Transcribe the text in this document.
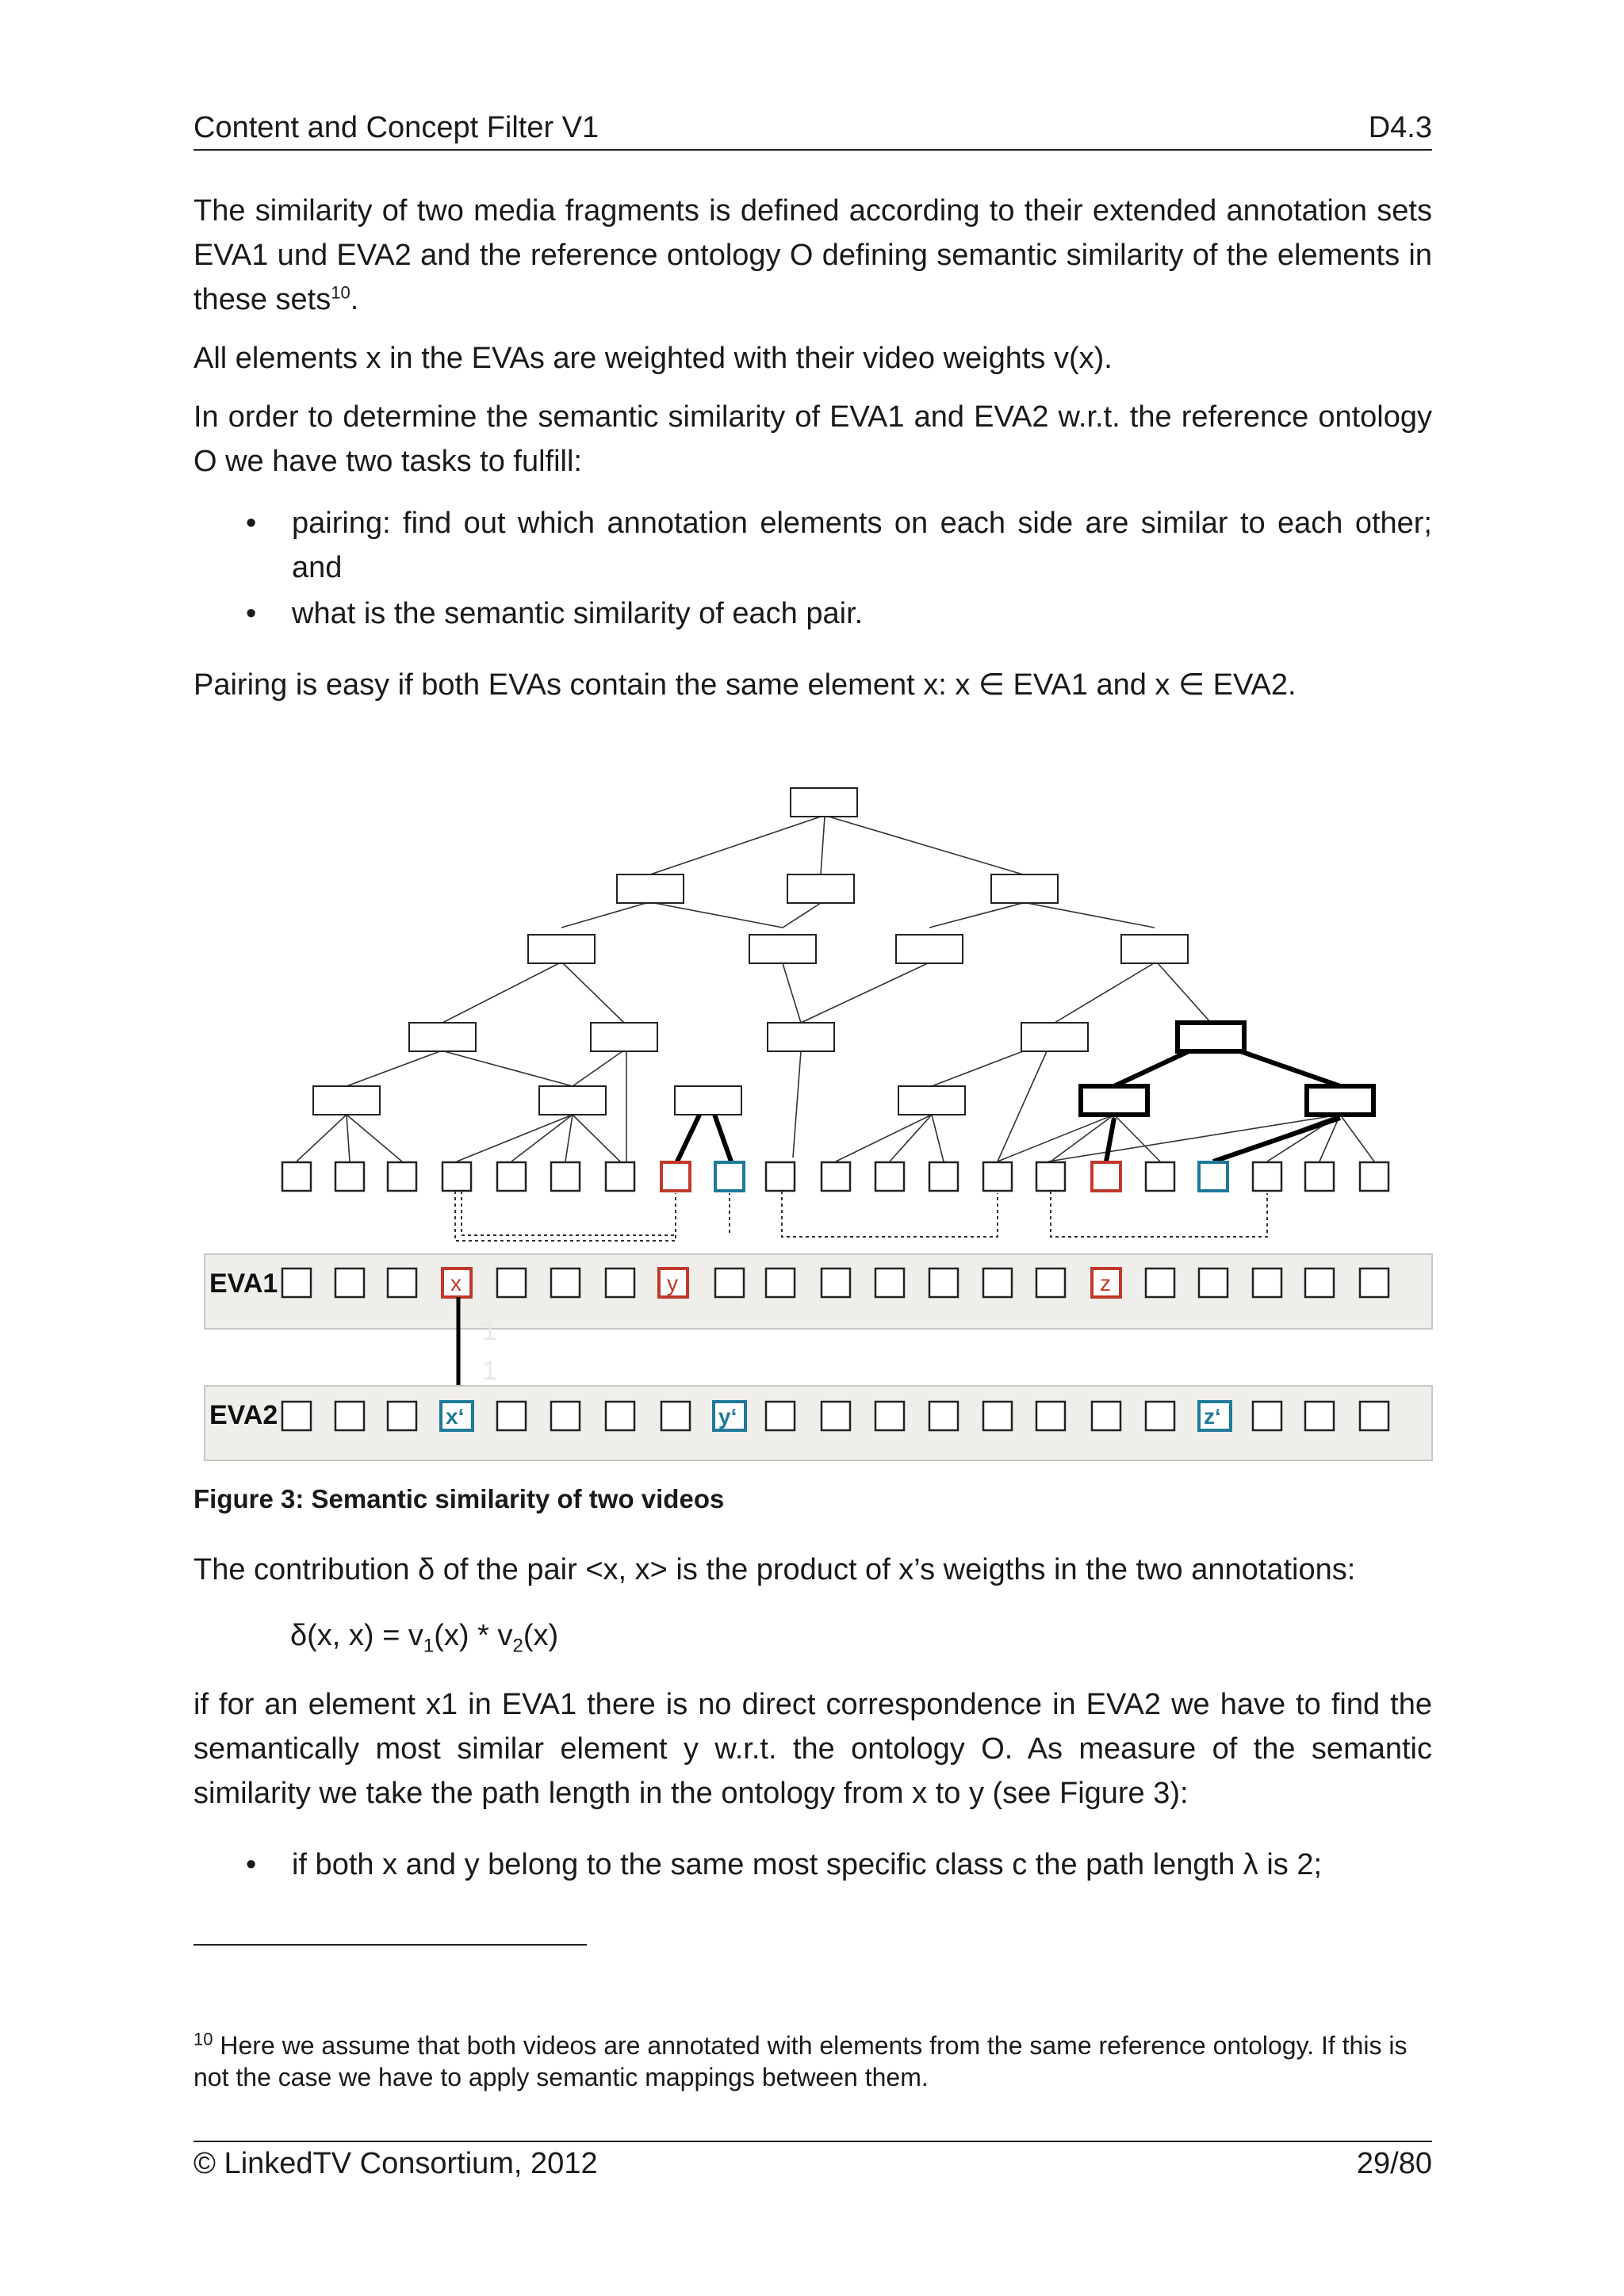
Content and Concept Filter V1	D4.3
The similarity of two media fragments is defined according to their extended annotation sets EVA1 und EVA2 and the reference ontology O defining semantic similarity of the elements in these sets$^{10}$.
All elements x in the EVAs are weighted with their video weights v(x).
In order to determine the semantic similarity of EVA1 and EVA2 w.r.t. the reference ontology O we have two tasks to fulfill:
• pairing: find out which annotation elements on each side are similar to each other; and
• what is the semantic similarity of each pair.
Pairing is easy if both EVAs contain the same element x: x ∈ EVA1 and x ∈ EVA2.
EVA1	x	y	z
1
1
EVA2	x‘	y‘	z‘
Figure 3: Semantic similarity of two videos
The contribution δ of the pair <x, x> is the product of x’s weigths in the two annotations:
δ(x, $x) = v_1(x) * v_2(x)$
if for an element x1 in EVA1 there is no direct correspondence in EVA2 we have to find the semantically most similar element y w.r.t. the ontology O. As measure of the semantic similarity we take the path length in the ontology from x to y (see Figure 3):
• if both x and y belong to the same most specific class c the path length λ is 2;
$^{10}$ Here we assume that both videos are annotated with elements from the same reference ontology. If this is not the case we have to apply semantic mappings between them.
© LinkedTV Consortium, 2012	29/80
